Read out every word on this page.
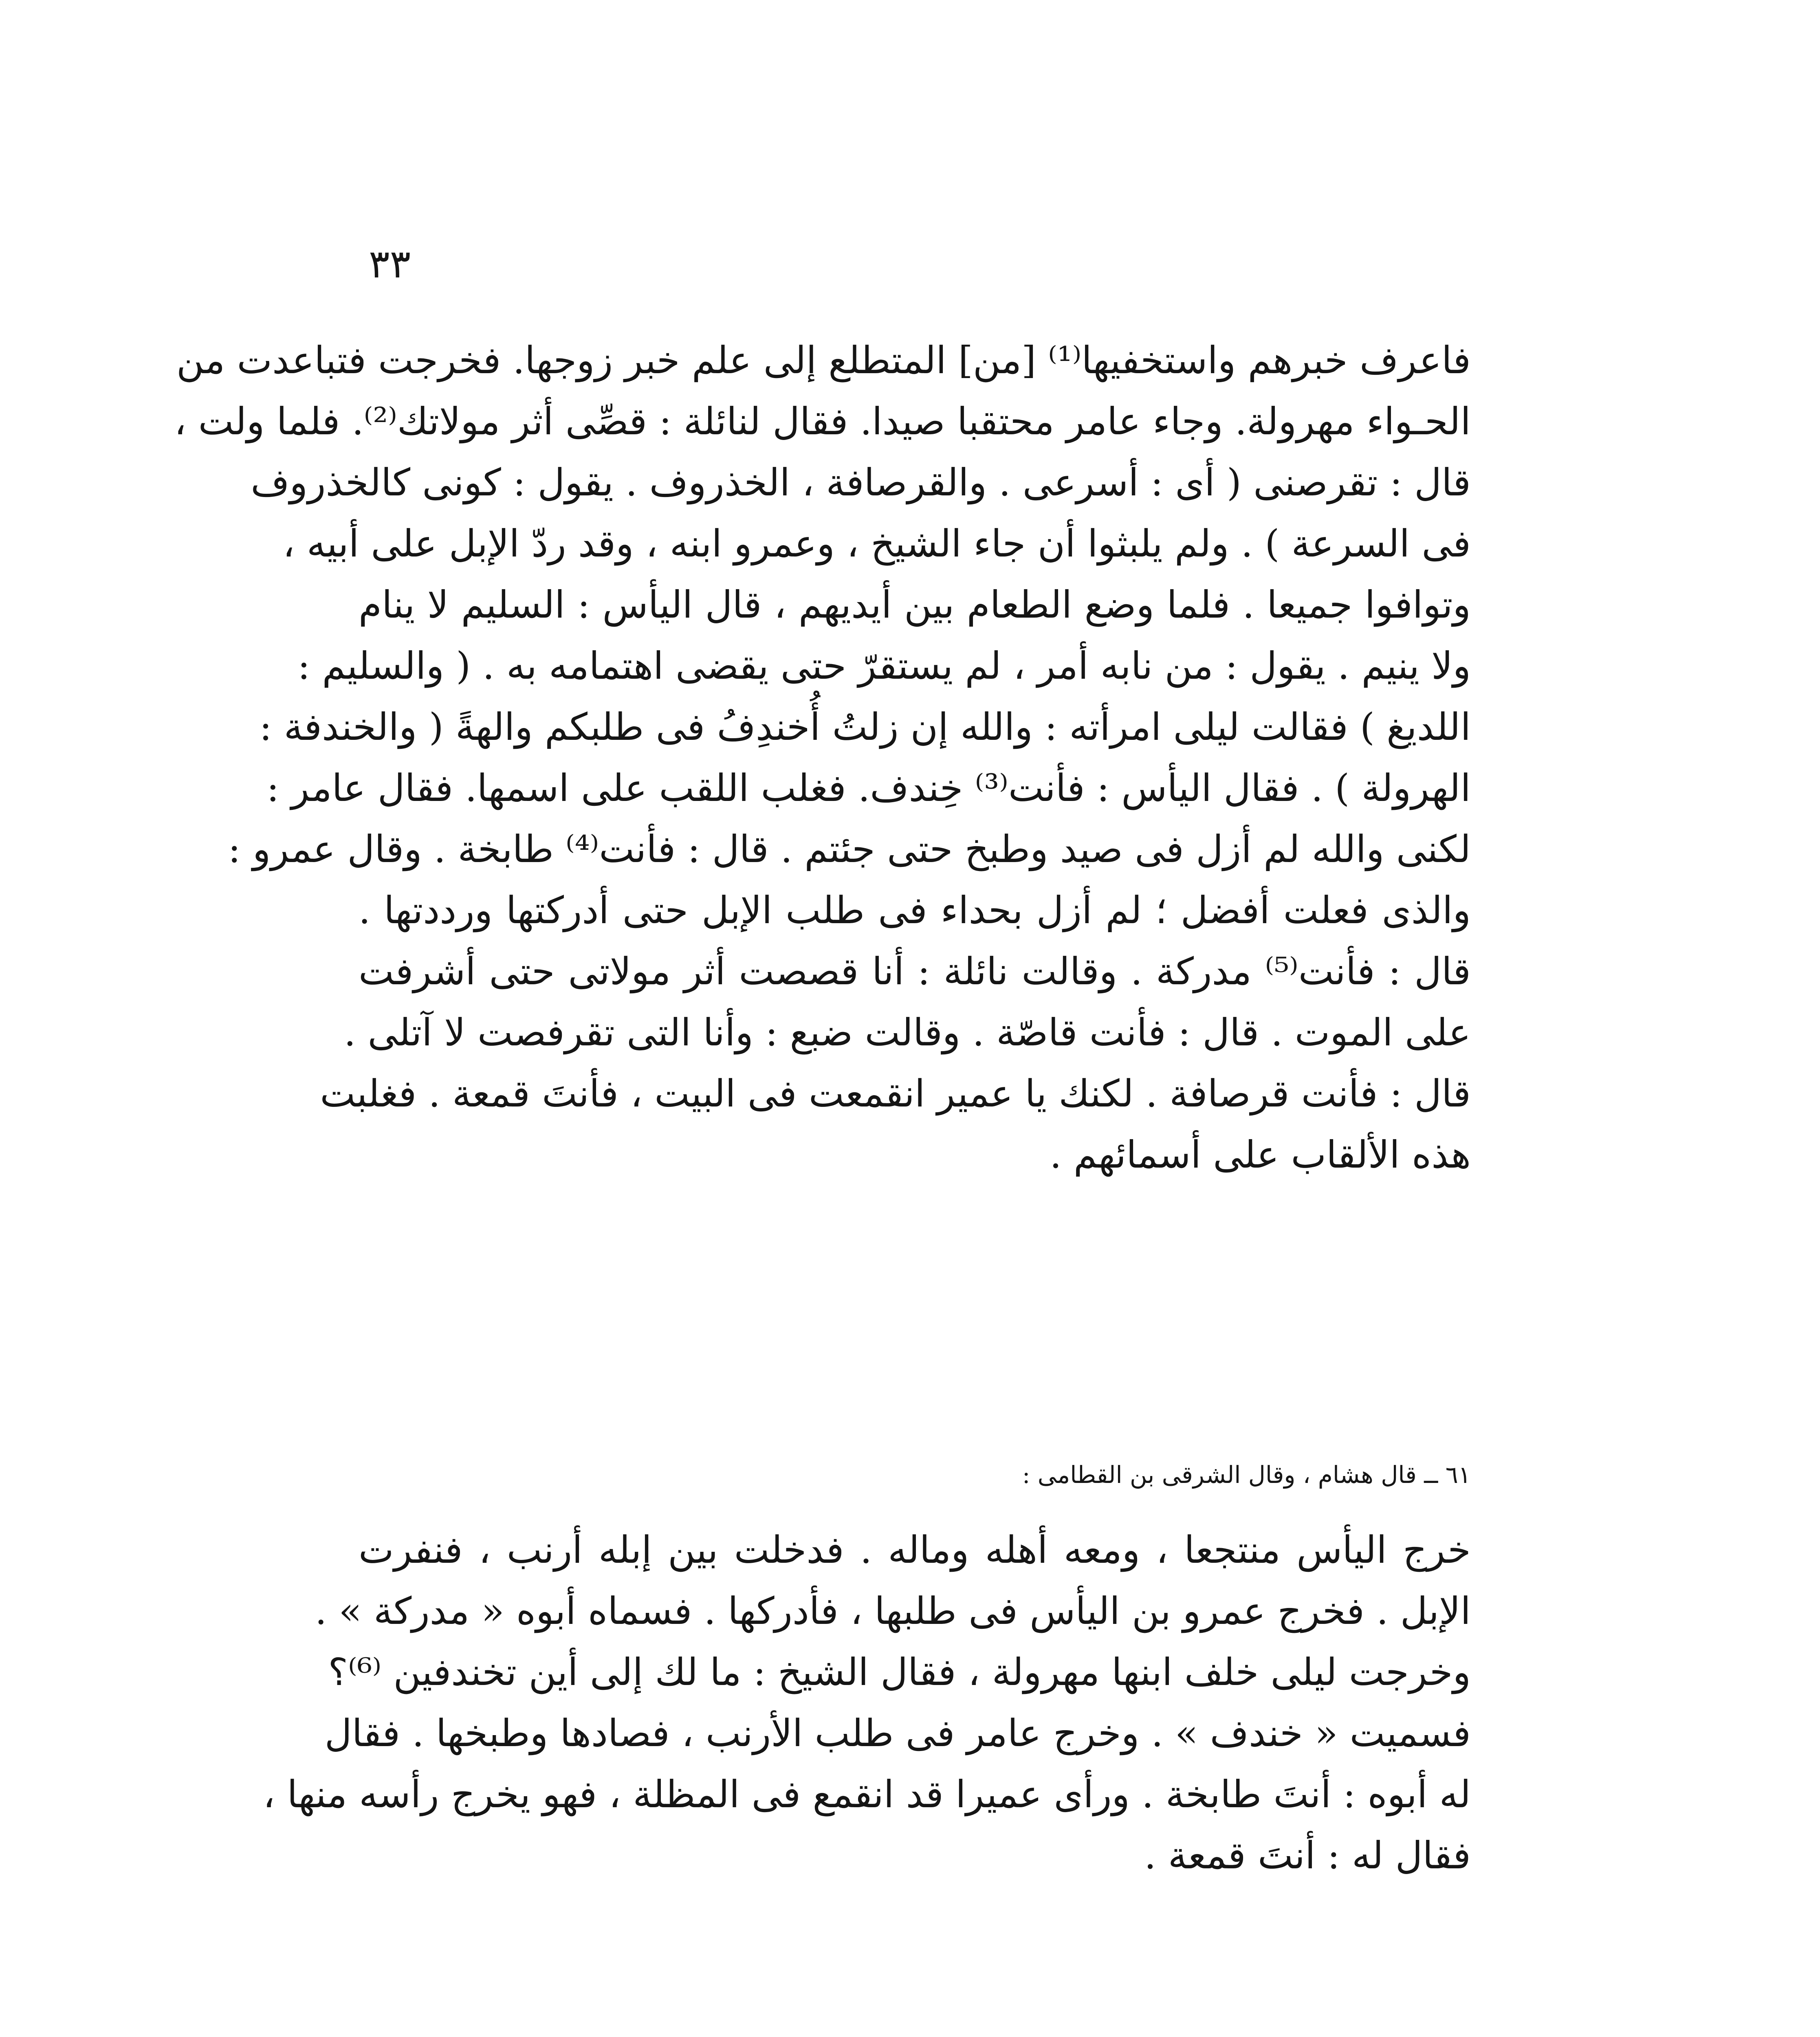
٣٣
فاعرف خبرهم واستخفيها⁽¹⁾ [من] المتطلع إلى علم خبر زوجها. فخرجت فتباعدت من
الحـواء مهرولة. وجاء عامر محتقبا صيدا. فقال لنائلة : قصِّى أثر مولاتك⁽²⁾. فلما ولت ،
قال : تقرصنى ( أى : أسرعى . والقرصافة ، الخذروف . يقول : كونى كالخذروف
فى السرعة ) . ولم يلبثوا أن جاء الشيخ ، وعمرو ابنه ، وقد ردّ الإبل على أبيه ،
وتوافوا جميعا . فلما وضع الطعام بين أيديهم ، قال اليأس : السليم لا ينام
ولا ينيم . يقول : من نابه أمر ، لم يستقرّ حتى يقضى اهتمامه به . ( والسليم :
اللديغ ) فقالت ليلى امرأته : والله إن زلتُ أُخندِفُ فى طلبكم والهةً ( والخندفة :
الهرولة ) . فقال اليأس : فأنت⁽³⁾ خِندف. فغلب اللقب على اسمها. فقال عامر :
لكنى والله لم أزل فى صيد وطبخ حتى جئتم . قال : فأنت⁽⁴⁾ طابخة . وقال عمرو :
والذى فعلت أفضل ؛ لم أزل بحداء فى طلب الإبل حتى أدركتها ورددتها .
قال : فأنت⁽⁵⁾ مدركة . وقالت نائلة : أنا قصصت أثر مولاتى حتى أشرفت
على الموت . قال : فأنت قاصّة . وقالت ضبع : وأنا التى تقرفصت لا آتلى .
قال : فأنت قرصافة . لكنك يا عمير انقمعت فى البيت ، فأنتَ قمعة . فغلبت
هذه الألقاب على أسمائهم .
٦١ ــ قال هشام ، وقال الشرقى بن القطامى :
خرج اليأس منتجعا ، ومعه أهله وماله . فدخلت بين إبله أرنب ، فنفرت
الإبل . فخرج عمرو بن اليأس فى طلبها ، فأدركها . فسماه أبوه « مدركة » .
وخرجت ليلى خلف ابنها مهرولة ، فقال الشيخ : ما لك إلى أين تخندفين ⁽⁶⁾؟
فسميت « خندف » . وخرج عامر فى طلب الأرنب ، فصادها وطبخها . فقال
له أبوه : أنتَ طابخة . ورأى عميرا قد انقمع فى المظلة ، فهو يخرج رأسه منها ،
فقال له : أنتَ قمعة .
